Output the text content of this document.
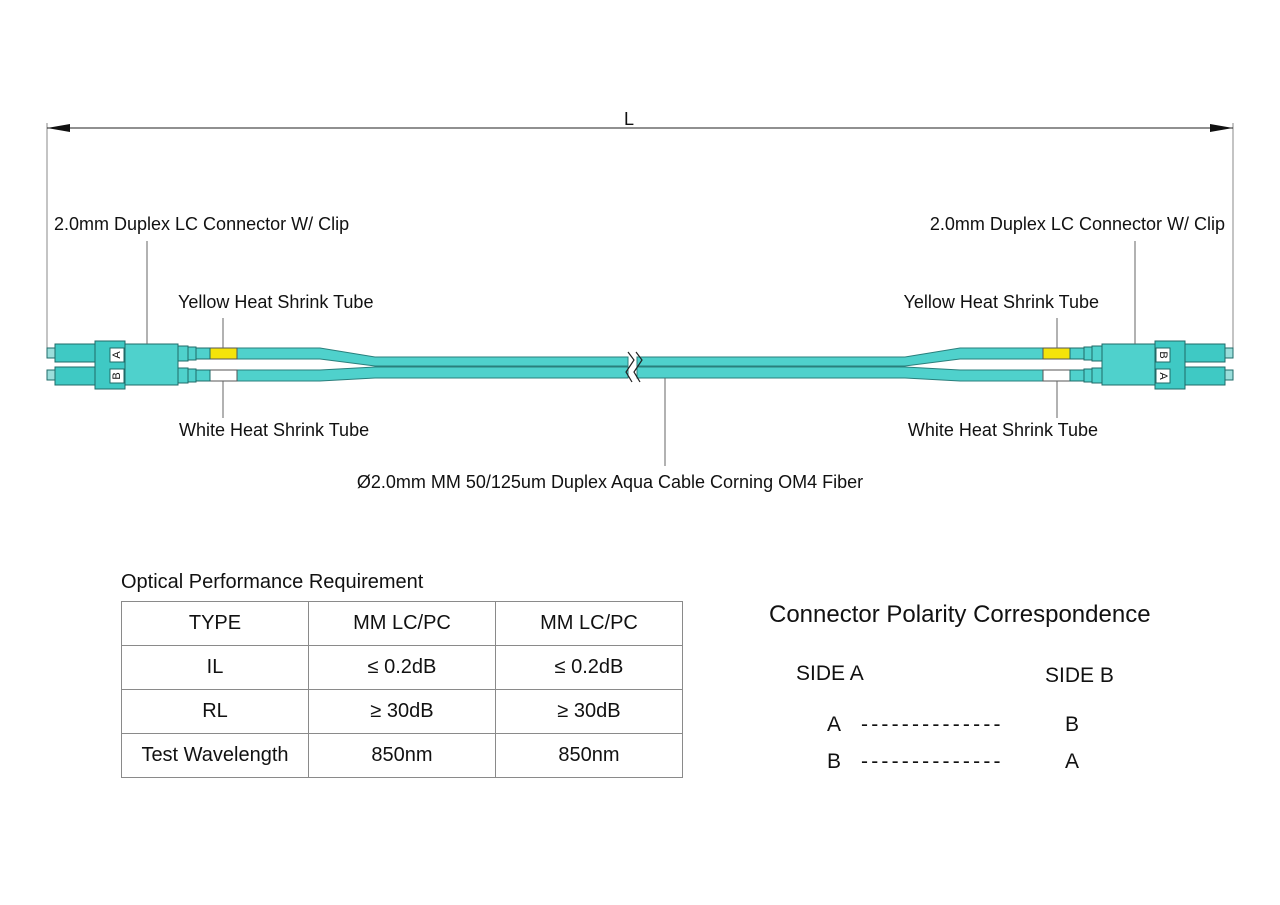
L
A
B
B
A
2.0mm Duplex LC Connector W/ Clip	2.0mm Duplex LC Connector W/ Clip
Yellow Heat Shrink Tube	Yellow Heat Shrink Tube
White Heat Shrink Tube	White Heat Shrink Tube
Ø2.0mm MM 50/125um Duplex Aqua Cable Corning OM4 Fiber
Optical Performance Requirement
TYPE	MM LC/PC	MM LC/PC
IL	≤ 0.2dB	≤ 0.2dB
RL	≥ 30dB	≥ 30dB
Test Wavelength	850nm	850nm
Connector Polarity Correspondence
SIDE A	SIDE B
A --------------	B
B --------------	A
